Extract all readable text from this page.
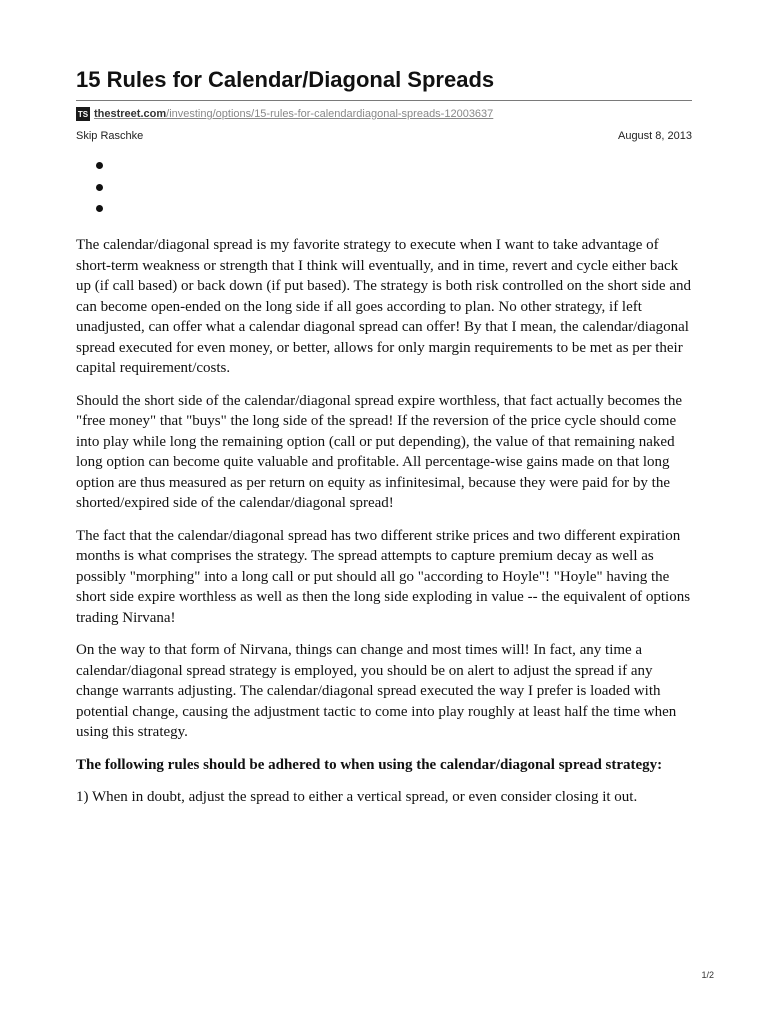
15 Rules for Calendar/Diagonal Spreads
TS thestreet.com/investing/options/15-rules-for-calendardiagonal-spreads-12003637
Skip Raschke	August 8, 2013

The calendar/diagonal spread is my favorite strategy to execute when I want to take advantage of short-term weakness or strength that I think will eventually, and in time, revert and cycle either back up (if call based) or back down (if put based). The strategy is both risk controlled on the short side and can become open-ended on the long side if all goes according to plan. No other strategy, if left unadjusted, can offer what a calendar diagonal spread can offer! By that I mean, the calendar/diagonal spread executed for even money, or better, allows for only margin requirements to be met as per their capital requirement/costs.

Should the short side of the calendar/diagonal spread expire worthless, that fact actually becomes the "free money" that "buys" the long side of the spread! If the reversion of the price cycle should come into play while long the remaining option (call or put depending), the value of that remaining naked long option can become quite valuable and profitable. All percentage-wise gains made on that long option are thus measured as per return on equity as infinitesimal, because they were paid for by the shorted/expired side of the calendar/diagonal spread!

The fact that the calendar/diagonal spread has two different strike prices and two different expiration months is what comprises the strategy. The spread attempts to capture premium decay as well as possibly "morphing" into a long call or put should all go "according to Hoyle"! "Hoyle" having the short side expire worthless as well as then the long side exploding in value -- the equivalent of options trading Nirvana!

On the way to that form of Nirvana, things can change and most times will! In fact, any time a calendar/diagonal spread strategy is employed, you should be on alert to adjust the spread if any change warrants adjusting. The calendar/diagonal spread executed the way I prefer is loaded with potential change, causing the adjustment tactic to come into play roughly at least half the time when using this strategy.

The following rules should be adhered to when using the calendar/diagonal spread strategy:

1) When in doubt, adjust the spread to either a vertical spread, or even consider closing it out.

1/2
